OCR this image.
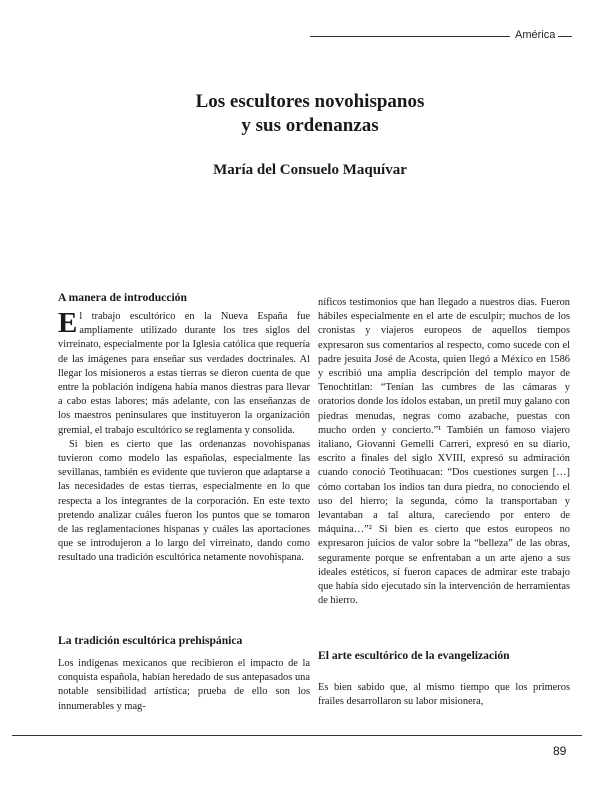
América
Los escultores novohispanos
y sus ordenanzas

María del Consuelo Maquívar

A manera de introducción

El trabajo escultórico en la Nueva España fue ampliamente utilizado durante los tres siglos del virreinato, especialmente por la Iglesia católica que requería de las imágenes para enseñar sus verdades doctrinales. Al llegar los misioneros a estas tierras se dieron cuenta de que entre la población indígena había manos diestras para llevar a cabo estas labores; más adelante, con las enseñanzas de los maestros peninsulares que instituyeron la organización gremial, el trabajo escultórico se reglamenta y consolida.

Si bien es cierto que las ordenanzas novohispanas tuvieron como modelo las españolas, especialmente las sevillanas, también es evidente que tuvieron que adaptarse a las necesidades de estas tierras, especialmente en lo que respecta a los integrantes de la corporación. En este texto pretendo analizar cuáles fueron los puntos que se tomaron de las reglamentaciones hispanas y cuáles las aportaciones que se introdujeron a lo largo del virreinato, dando como resultado una tradición escultórica netamente novohispana.

La tradición escultórica prehispánica

Los indígenas mexicanos que recibieron el impacto de la conquista española, habían heredado de sus antepasados una notable sensibilidad artística; prueba de ello son los innumerables y mag-

níficos testimonios que han llegado a nuestros días. Fueron hábiles especialmente en el arte de esculpir; muchos de los cronistas y viajeros europeos de aquellos tiempos expresaron sus comentarios al respecto, como sucede con el padre jesuita José de Acosta, quien llegó a México en 1586 y escribió una amplia descripción del templo mayor de Tenochtitlan: “Tenían las cumbres de las cámaras y oratorios donde los ídolos estaban, un pretil muy galano con piedras menudas, negras como azabache, puestas con mucho orden y concierto.”¹ También un famoso viajero italiano, Giovanni Gemelli Carreri, expresó en su diario, escrito a finales del siglo XVIII, expresó su admiración cuando conoció Teotihuacan: “Dos cuestiones surgen […] cómo cortaban los indios tan dura piedra, no conociendo el uso del hierro; la segunda, cómo la transportaban y levantaban a tal altura, careciendo por entero de máquina…”² Si bien es cierto que estos europeos no expresaron juicios de valor sobre la “belleza” de las obras, seguramente porque se enfrentaban a un arte ajeno a sus ideales estéticos, sí fueron capaces de admirar este trabajo que había sido ejecutado sin la intervención de herramientas de hierro.

El arte escultórico de la evangelización

Es bien sabido que, al mismo tiempo que los primeros frailes desarrollaron su labor misionera,

89
